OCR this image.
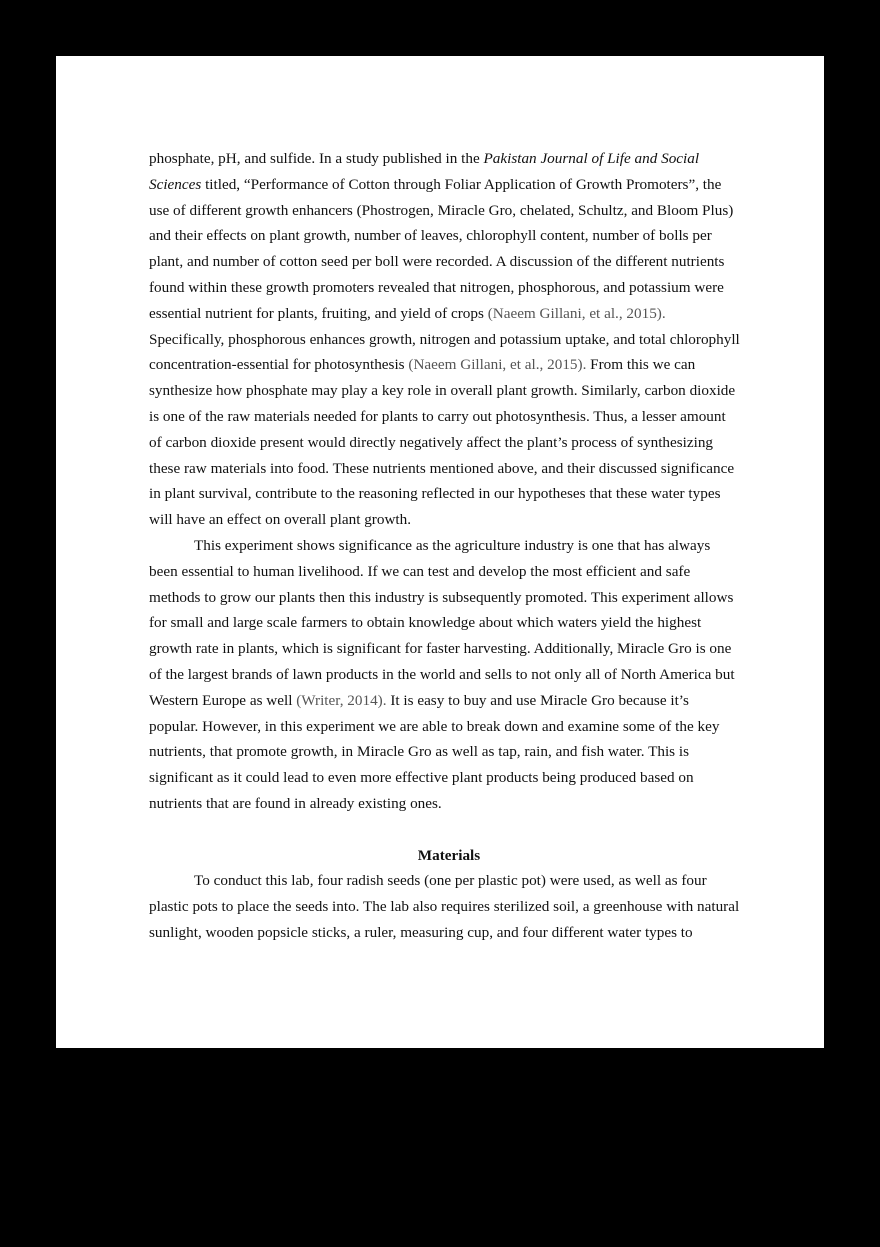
phosphate, pH, and sulfide. In a study published in the Pakistan Journal of Life and Social
Sciences titled, “Performance of Cotton through Foliar Application of Growth Promoters”, the
use of different growth enhancers (Phostrogen, Miracle Gro, chelated, Schultz, and Bloom Plus)
and their effects on plant growth, number of leaves, chlorophyll content, number of bolls per
plant, and number of cotton seed per boll were recorded. A discussion of the different nutrients
found within these growth promoters revealed that nitrogen, phosphorous, and potassium were
essential nutrient for plants, fruiting, and yield of crops (Naeem Gillani, et al., 2015).
Specifically, phosphorous enhances growth, nitrogen and potassium uptake, and total chlorophyll
concentration-essential for photosynthesis (Naeem Gillani, et al., 2015). From this we can
synthesize how phosphate may play a key role in overall plant growth. Similarly, carbon dioxide
is one of the raw materials needed for plants to carry out photosynthesis. Thus, a lesser amount
of carbon dioxide present would directly negatively affect the plant’s process of synthesizing
these raw materials into food. These nutrients mentioned above, and their discussed significance
in plant survival, contribute to the reasoning reflected in our hypotheses that these water types
will have an effect on overall plant growth.
This experiment shows significance as the agriculture industry is one that has always
been essential to human livelihood. If we can test and develop the most efficient and safe
methods to grow our plants then this industry is subsequently promoted. This experiment allows
for small and large scale farmers to obtain knowledge about which waters yield the highest
growth rate in plants, which is significant for faster harvesting. Additionally, Miracle Gro is one
of the largest brands of lawn products in the world and sells to not only all of North America but
Western Europe as well (Writer, 2014). It is easy to buy and use Miracle Gro because it’s
popular. However, in this experiment we are able to break down and examine some of the key
nutrients, that promote growth, in Miracle Gro as well as tap, rain, and fish water. This is
significant as it could lead to even more effective plant products being produced based on
nutrients that are found in already existing ones.
Materials
To conduct this lab, four radish seeds (one per plastic pot) were used, as well as four
plastic pots to place the seeds into. The lab also requires sterilized soil, a greenhouse with natural
sunlight, wooden popsicle sticks, a ruler, measuring cup, and four different water types to
